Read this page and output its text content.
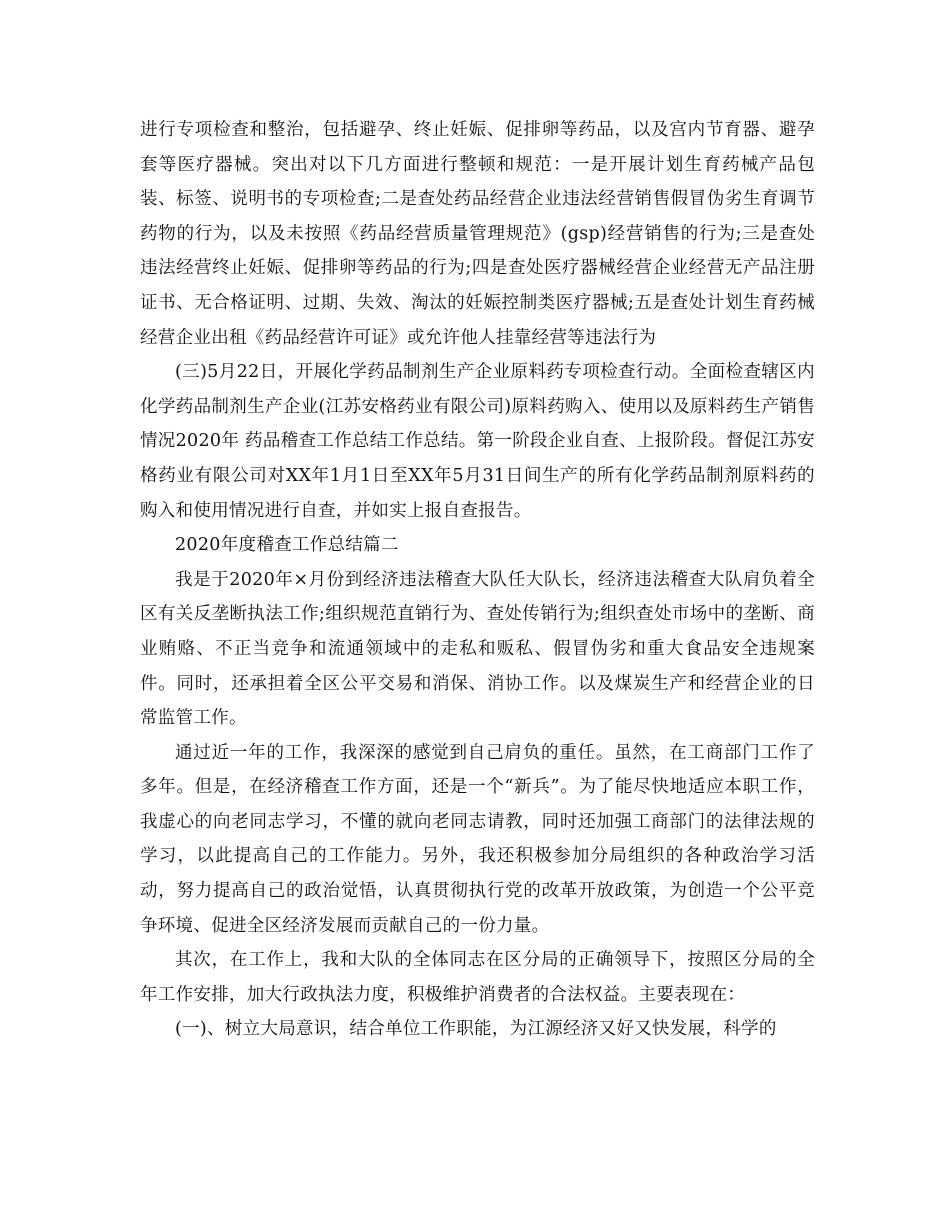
进行专项检查和整治，包括避孕、终止妊娠、促排卵等药品，以及宫内节育器、避孕套等医疗器械。突出对以下几方面进行整顿和规范：一是开展计划生育药械产品包装、标签、说明书的专项检查;二是查处药品经营企业违法经营销售假冒伪劣生育调节药物的行为，以及未按照《药品经营质量管理规范》(gsp)经营销售的行为;三是查处违法经营终止妊娠、促排卵等药品的行为;四是查处医疗器械经营企业经营无产品注册证书、无合格证明、过期、失效、淘汰的妊娠控制类医疗器械;五是查处计划生育药械经营企业出租《药品经营许可证》或允许他人挂靠经营等违法行为

(三)5月22日，开展化学药品制剂生产企业原料药专项检查行动。全面检查辖区内化学药品制剂生产企业(江苏安格药业有限公司)原料药购入、使用以及原料药生产销售情况2020年 药品稽查工作总结工作总结。第一阶段企业自查、上报阶段。督促江苏安格药业有限公司对XX年1月1日至XX年5月31日间生产的所有化学药品制剂原料药的购入和使用情况进行自查，并如实上报自查报告。

2020年度稽查工作总结篇二

我是于2020年×月份到经济违法稽查大队任大队长，经济违法稽查大队肩负着全区有关反垄断执法工作;组织规范直销行为、查处传销行为;组织查处市场中的垄断、商业贿赂、不正当竞争和流通领域中的走私和贩私、假冒伪劣和重大食品安全违规案件。同时，还承担着全区公平交易和消保、消协工作。以及煤炭生产和经营企业的日常监管工作。

通过近一年的工作，我深深的感觉到自己肩负的重任。虽然，在工商部门工作了多年。但是，在经济稽查工作方面，还是一个“新兵”。为了能尽快地适应本职工作，我虚心的向老同志学习，不懂的就向老同志请教，同时还加强工商部门的法律法规的学习，以此提高自己的工作能力。另外，我还积极参加分局组织的各种政治学习活动，努力提高自己的政治觉悟，认真贯彻执行党的改革开放政策，为创造一个公平竞争环境、促进全区经济发展而贡献自己的一份力量。

其次，在工作上，我和大队的全体同志在区分局的正确领导下，按照区分局的全年工作安排，加大行政执法力度，积极维护消费者的合法权益。主要表现在：

(一)、树立大局意识，结合单位工作职能，为江源经济又好又快发展，科学的
